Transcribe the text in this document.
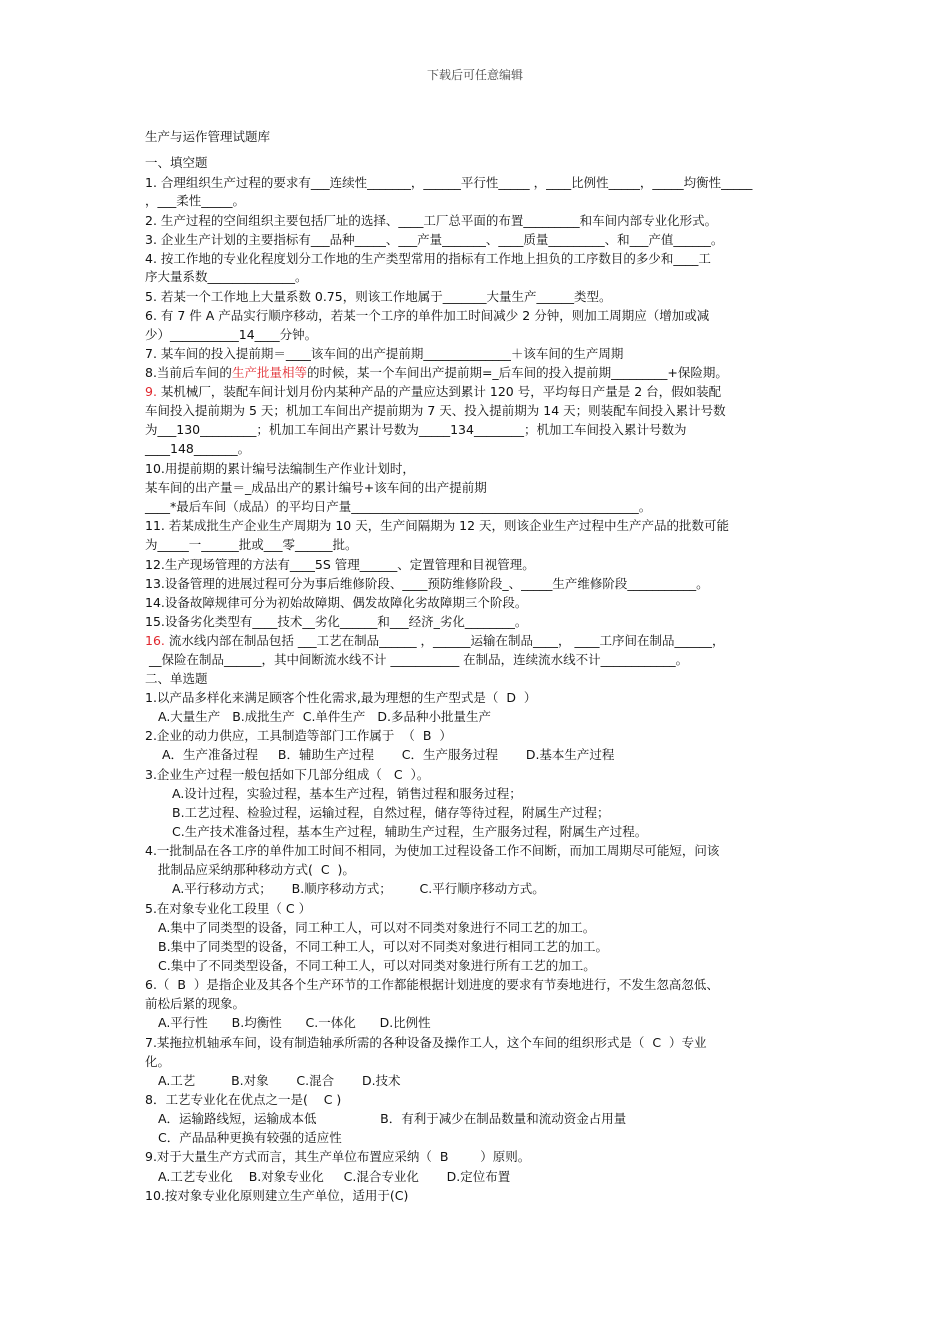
下载后可任意编辑
生产与运作管理试题库
一、填空题
1. 合理组织生产过程的要求有___连续性_______，______平行性_____ ，____比例性_____，_____均衡性_____
，___柔性_____。
2. 生产过程的空间组织主要包括厂址的选择、____工厂总平面的布置_________和车间内部专业化形式。
3. 企业生产计划的主要指标有___品种_____、___产量_______、____质量_________、和___产值______。
4. 按工作地的专业化程度划分工作地的生产类型常用的指标有工作地上担负的工序数目的多少和____工
序大量系数______________。
5. 若某一个工作地上大量系数 0.75，则该工作地属于_______大量生产______类型。
6. 有 7 件 A 产品实行顺序移动，若某一个工序的单件加工时间减少 2 分钟，则加工周期应（增加或减
少）___________14____分钟。
7. 某车间的投入提前期＝____该车间的出产提前期______________＋该车间的生产周期
8.当前后车间的生产批量相等的时候，某一个车间出产提前期=_后车间的投入提前期_________+保险期。
9. 某机械厂，装配车间计划月份内某种产品的产量应达到累计 120 号，平均每日产量是 2 台，假如装配
车间投入提前期为 5 天；机加工车间出产提前期为 7 天、投入提前期为 14 天；则装配车间投入累计号数
为___130_________；机加工车间出产累计号数为_____134________；机加工车间投入累计号数为
____148_______。
10.用提前期的累计编号法编制生产作业计划时，
某车间的出产量＝_成品出产的累计编号+该车间的出产提前期
____*最后车间（成品）的平均日产量______________________________________________。
11. 若某成批生产企业生产周期为 10 天，生产间隔期为 12 天，则该企业生产过程中生产产品的批数可能
为_____一______批或___零______批。
12.生产现场管理的方法有____5S 管理______、定置管理和目视管理。
13.设备管理的进展过程可分为事后维修阶段、____预防维修阶段_、_____生产维修阶段___________。
14.设备故障规律可分为初始故障期、偶发故障化劣故障期三个阶段。
15.设备劣化类型有____技术__劣化______和___经济_劣化________。
16. 流水线内部在制品包括 ___工艺在制品______ ，______运输在制品____， ____工序间在制品______，
__保险在制品______，其中间断流水线不计 ___________ 在制品，连续流水线不计____________。
二、单选题
1.以产品多样化来满足顾客个性化需求,最为理想的生产型式是（  D  ）
A.大量生产   B.成批生产  C.单件生产   D.多品种小批量生产
2.企业的动力供应，工具制造等部门工作属于  （  B  ）
A．生产准备过程     B．辅助生产过程       C．生产服务过程       D.基本生产过程
3.企业生产过程一般包括如下几部分组成（   C  ）。
A.设计过程，实验过程，基本生产过程，销售过程和服务过程；
B.工艺过程、检验过程，运输过程，自然过程，储存等待过程，附属生产过程；
C.生产技术准备过程，基本生产过程，辅助生产过程，生产服务过程，附属生产过程。
4.一批制品在各工序的单件加工时间不相同，为使加工过程设备工作不间断，而加工周期尽可能短，问该
批制品应采纳那种移动方式(  C  )。
A.平行移动方式；     B.顺序移动方式；       C.平行顺序移动方式。
5.在对象专业化工段里（ C ）
A.集中了同类型的设备，同工种工人，可以对不同类对象进行不同工艺的加工。
B.集中了同类型的设备，不同工种工人，可以对不同类对象进行相同工艺的加工。
C.集中了不同类型设备，不同工种工人，可以对同类对象进行所有工艺的加工。
6.（  B  ）是指企业及其各个生产环节的工作都能根据计划进度的要求有节奏地进行，不发生忽高忽低、
前松后紧的现象。
A.平行性      B.均衡性      C.一体化      D.比例性
7.某拖拉机轴承车间，设有制造轴承所需的各种设备及操作工人，这个车间的组织形式是（  C  ）专业
化。
A.工艺         B.对象       C.混合       D.技术
8．工艺专业化在优点之一是(    C )
A．运输路线短，运输成本低                B．有利于减少在制品数量和流动资金占用量
C．产品品种更换有较强的适应性
9.对于大量生产方式而言，其生产单位布置应采纳（  B        ）原则。
A.工艺专业化    B.对象专业化     C.混合专业化       D.定位布置
10.按对象专业化原则建立生产单位，适用于(C)
